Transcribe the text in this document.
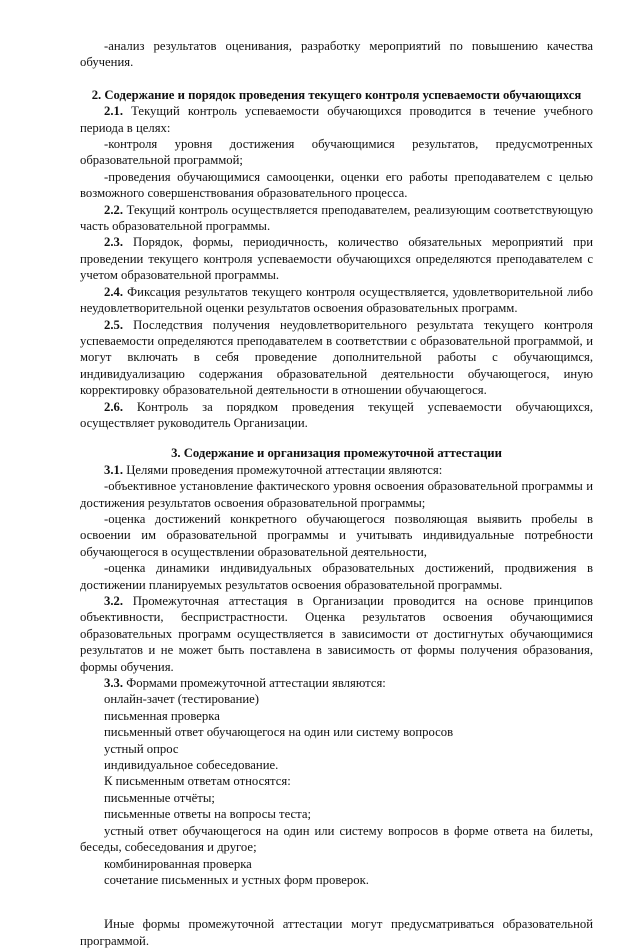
-анализ результатов оценивания, разработку мероприятий по повышению качества обучения.

2. Содержание и порядок проведения текущего контроля успеваемости обучающихся

2.1. Текущий контроль успеваемости обучающихся проводится в течение учебного периода в целях:

-контроля уровня достижения обучающимися результатов, предусмотренных образовательной программой;

-проведения обучающимися самооценки, оценки его работы преподавателем с целью возможного совершенствования образовательного процесса.

2.2. Текущий контроль осуществляется преподавателем, реализующим соответствующую часть образовательной программы.

2.3. Порядок, формы, периодичность, количество обязательных мероприятий при проведении текущего контроля успеваемости обучающихся определяются преподавателем с учетом образовательной программы.

2.4. Фиксация результатов текущего контроля осуществляется, удовлетворительной либо неудовлетворительной оценки результатов освоения образовательных программ.

2.5. Последствия получения неудовлетворительного результата текущего контроля успеваемости определяются преподавателем в соответствии с образовательной программой, и могут включать в себя проведение дополнительной работы с обучающимся, индивидуализацию содержания образовательной деятельности обучающегося, иную корректировку образовательной деятельности в отношении обучающегося.

2.6. Контроль за порядком проведения текущей успеваемости обучающихся, осуществляет руководитель Организации.

3. Содержание и организация промежуточной аттестации

3.1. Целями проведения промежуточной аттестации являются:

-объективное установление фактического уровня освоения образовательной программы и достижения результатов освоения образовательной программы;

-оценка достижений конкретного обучающегося позволяющая выявить пробелы в освоении им образовательной программы и учитывать индивидуальные потребности обучающегося в осуществлении образовательной деятельности,

-оценка динамики индивидуальных образовательных достижений, продвижения в достижении планируемых результатов освоения образовательной программы.

3.2. Промежуточная аттестация в Организации проводится на основе принципов объективности, беспристрастности. Оценка результатов освоения обучающимися образовательных программ осуществляется в зависимости от достигнутых обучающимися результатов и не может быть поставлена в зависимость от формы получения образования, формы обучения.

3.3. Формами промежуточной аттестации являются:

онлайн-зачет (тестирование)

письменная проверка

письменный ответ обучающегося на один или систему вопросов

устный опрос

индивидуальное собеседование.

К письменным ответам относятся:

письменные отчёты;

письменные ответы на вопросы теста;

устный ответ обучающегося на один или систему вопросов в форме ответа на билеты, беседы, собеседования и другое;

комбинированная проверка

сочетание письменных и устных форм проверок.

Иные формы промежуточной аттестации могут предусматриваться образовательной программой.
